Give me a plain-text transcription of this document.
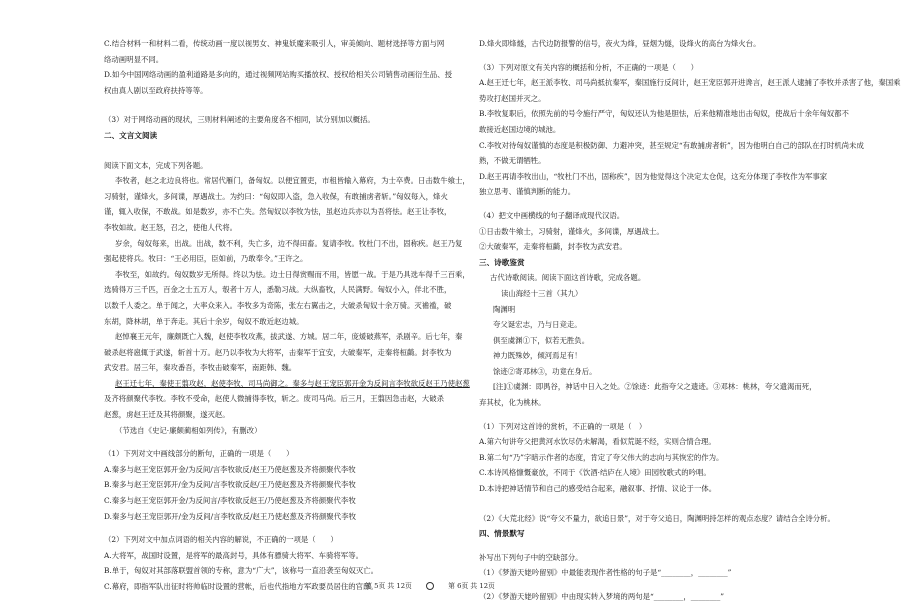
C.结合材料一和材料二看，传统动画一度以视男女、神鬼妖魔来吸引人，审美倾向、题材选择等方面与网
络动画明显不同。
D.如今中国网络动画的盈利道路是多向的，通过视频网站购买播放权、授权给相关公司销售动画衍生品、授
权由真人剧以至政府扶持等等。
（3）对于网络动画的现状，三则材料阐述的主要角度各不相同，试分别加以概括。
二、文言文阅读
阅读下面文本，完成下列各题。
李牧者，赵之北边良将也。常居代雁门，备匈奴。以便宜置吏，市租皆输入幕府，为士卒费。日击数牛飨士，
习骑射，谨烽火，多间谍，厚遇战士。为约曰：“匈奴即入盗，急入收保，有敢捕虏者斩。”匈奴每入，烽火
谨，辄入收保，不敢战。如是数岁，亦不亡失。然匈奴以李牧为怯，虽赵边兵亦以为吾将怯。赵王让李牧，
李牧如故。赵王怒，召之，使他人代将。
岁余，匈奴每来，出战。出战，数不利，失亡多，边不得田畜。复请李牧。牧杜门不出，固称疾。赵王乃复
强起使将兵。牧曰：“王必用臣，臣如前，乃敢奉令。”王许之。
李牧至，如故约。匈奴数岁无所得。终以为怯。边士日得赏赐而不用，皆愿一战。于是乃具选车得千三百乘，
选骑得万三千匹，百金之士五万人，彀者十万人，悉勒习战。大纵畜牧，人民满野。匈奴小入，佯北不胜，
以数千人委之。单于闻之，大率众来入。李牧多为奇陈，张左右翼击之，大破杀匈奴十余万骑。灭襜褴，破
东胡，降林胡，单于奔走。其后十余岁，匈奴不敢近赵边城。
赵悼襄王元年，廉颇既亡入魏，赵使李牧攻燕，拔武遂、方城。居二年，庞煖破燕军，杀剧辛。后七年，秦
破杀赵将扈辄于武遂，斩首十万。赵乃以李牧为大将军，击秦军于宜安，大破秦军，走秦将桓齮。封李牧为
武安君。居三年，秦攻番吾，李牧击破秦军，南距韩、魏。
赵王迁七年，秦使王翦攻赵，赵使李牧、司马尚御之。秦多与赵王宠臣郭开金为反间言李牧欲反赵王乃使赵葱
及齐将颜聚代李牧。李牧不受命，赵使人微捕得李牧，斩之。废司马尚。后三月，王翦因急击赵，大破杀
赵葱，虏赵王迁及其将颜聚，遂灭赵。
（节选自《史记·廉颇蔺相如列传》，有删改）
（1）下列对文中画线部分的断句，正确的一项是（　　）
A.秦多与赵王宠臣郭开金/为反间/言李牧欲反/赵王乃使赵葱及齐将颜聚代李牧
B.秦多与赵王宠臣郭开/金为反间/言李牧欲反赵/王乃使赵葱及齐将颜聚代李牧
C.秦多与赵王宠臣郭开金/为反间言/李牧欲反赵王/乃使赵葱及齐将颜聚代李牧
D.秦多与赵王宠臣郭开/金为反间/言李牧欲反/赵王乃使赵葱及齐将颜聚代李牧
（2）下列对文中加点词语的相关内容的解说，不正确的一项是（　　）
A.大将军，战国时设置，是将军的最高封号，具体有骠骑大将军、车骑将军等。
B.单于，匈奴对其部落联盟首领的专称，意为“广大”，该称号一直沿袭至匈奴灭亡。
C.幕府，即指军队出征时将帅临时设置的营帐，后也代指地方军政要员居住的官邸。
D.烽火即烽燧，古代边防报警的信号，夜火为烽，昼烟为燧，设烽火的高台为烽火台。
（3）下列对原文有关内容的概括和分析，不正确的一项是（　　）
A.赵王迁七年，赵王派李牧、司马尚抵抗秦军，秦国施行反间计，赵王宠臣郭开进谗言，赵王派人逮捕了李牧并杀害了他，秦国乘
势攻打赵国并灭之。
B.李牧复职后，依照先前的号令施行严守，匈奴还认为他是胆怯，后来他精准地出击匈奴，使战后十余年匈奴都不
敢接近赵国边境的城池。
C.李牧对待匈奴谨慎的态度是积极防御、力避冲突，甚至规定“有敢捕虏者斩”，因为他明白自己的部队在打时机尚未成
熟，不做无谓牺牲。
D.赵王再请李牧出山，“牧杜门不出，固称疾”，因为他觉得这个决定太仓促，这充分体现了李牧作为军事家
独立思考、谨慎判断的能力。
（4）把文中画横线的句子翻译成现代汉语。
①日击数牛飨士，习骑射，谨烽火，多间谍，厚遇战士。
②大破秦军，走秦将桓齮，封李牧为武安君。
三、诗歌鉴赏
古代诗歌阅读。阅读下面这首诗歌，完成各题。
读山海经十三首（其九）
陶渊明
夸父诞宏志，乃与日竞走。
俱至虞渊①下，似若无胜负。
神力既殊妙，倾河焉足有！
馀迹②寄邓林③，功竟在身后。
[注]①虞渊：即禺谷，神话中日入之处。②馀迹：此指夸父之遗迹。③邓林：桃林，夸父遗渴而死，
弃其杖，化为桃林。
（1）下列对这首诗的赏析，不正确的一项是（　）
A.第六句讲夸父把黄河水饮尽仍未解渴，看似荒诞不经，实则合情合理。
B.第二句“乃”字暗示作者的态度，肯定了夸父伟大的志向与其恢宏的作为。
C.本诗风格慷慨豪放，不同于《饮酒·结庐在人境》田园牧歌式的吟唱。
D.本诗把神话情节和自己的感受结合起来，融叙事、抒情、议论于一体。
（2）《大荒北经》说“夸父不量力，欲追日景”，对于夸父追日，陶渊明持怎样的观点态度？请结合全诗分析。
四、情景默写
补写出下列句子中的空缺部分。
（1）《梦游天姥吟留别》中最能表现作者性格的句子是“________，________”
（2）《梦游天姥吟留别》中由现实转入梦境的两句是“________，________”
第 5页 共 12页	第 6页 共 12页
